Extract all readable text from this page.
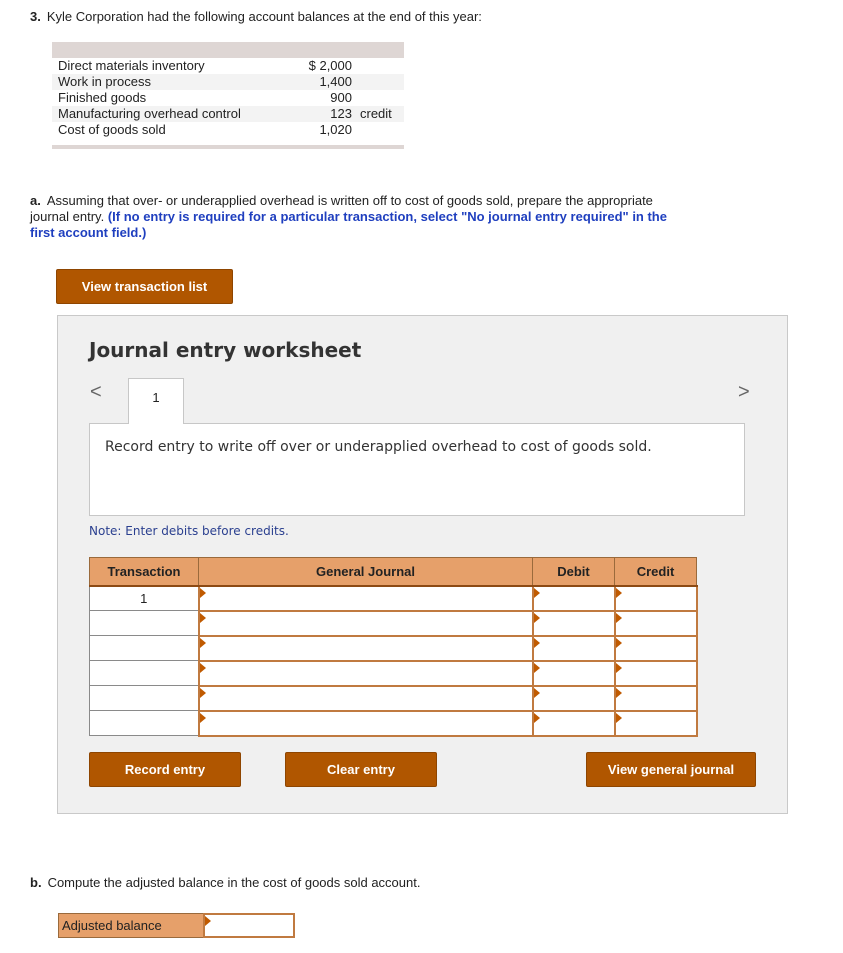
3. Kyle Corporation had the following account balances at the end of this year:
Direct materials inventory	$ 2,000
Work in process	1,400
Finished goods	900
Manufacturing overhead control	123 credit
Cost of goods sold	1,020
a. Assuming that over- or underapplied overhead is written off to cost of goods sold, prepare the appropriate journal entry. (If no entry is required for a particular transaction, select "No journal entry required" in the first account field.)
View transaction list
Journal entry worksheet
<	1	>
Record entry to write off over or underapplied overhead to cost of goods sold.
Note: Enter debits before credits.
Transaction	General Journal	Debit	Credit
1			

Record entry	Clear entry	View general journal
b. Compute the adjusted balance in the cost of goods sold account.
Adjusted balance
